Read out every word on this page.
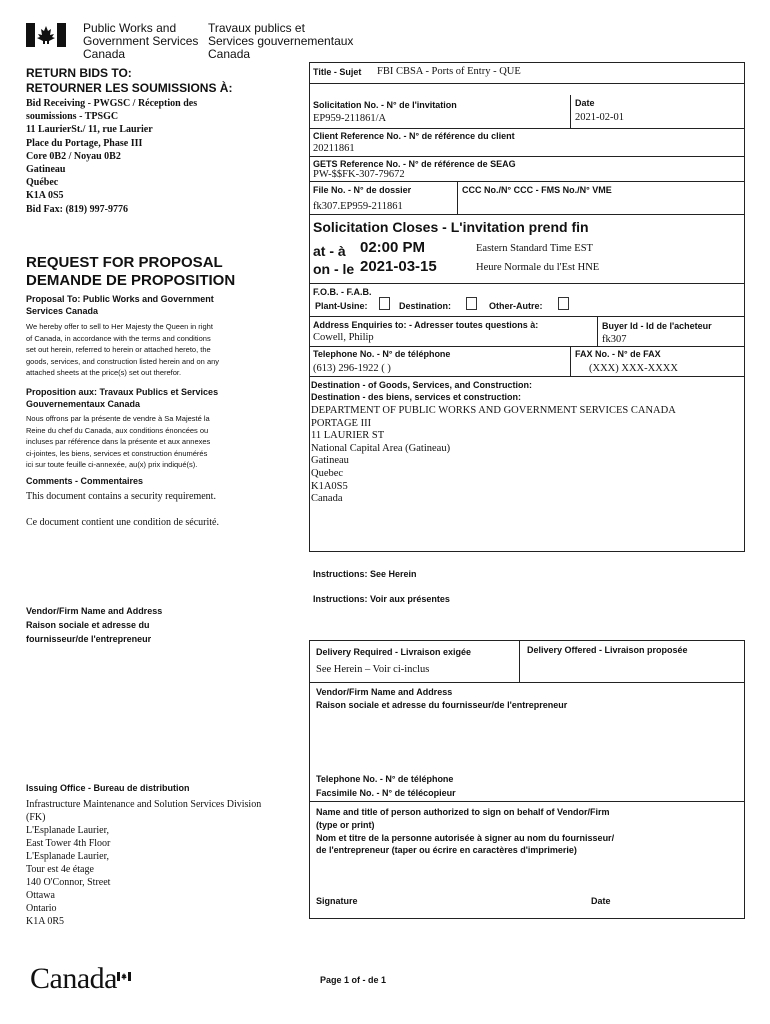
Public Works and
Government Services
Canada
Travaux publics et
Services gouvernementaux
Canada
RETURN BIDS TO:
RETOURNER LES SOUMISSIONS À:
Bid Receiving - PWGSC / Réception des
soumissions - TPSGC
11 LaurierSt./ 11, rue Laurier
Place du Portage, Phase III
Core 0B2 / Noyau 0B2
Gatineau
Québec
K1A 0S5
Bid Fax: (819) 997-9776
REQUEST FOR PROPOSAL
DEMANDE DE PROPOSITION
Proposal To: Public Works and Government
Services Canada
We hereby offer to sell to Her Majesty the Queen in right
of Canada, in accordance with the terms and conditions
set out herein, referred to herein or attached hereto, the
goods, services, and construction listed herein and on any
attached sheets at the price(s) set out therefor.
Proposition aux: Travaux Publics et Services
Gouvernementaux Canada
Nous offrons par la présente de vendre à Sa Majesté la
Reine du chef du Canada, aux conditions énoncées ou
incluses par référence dans la présente et aux annexes
ci-jointes, les biens, services et construction énumérés
ici sur toute feuille ci-annexée, au(x) prix indiqué(s).
Comments - Commentaires
This document contains a security requirement.
Ce document contient une condition de sécurité.
Title - Sujet FBI CBSA - Ports of Entry - QUE
Solicitation No. - N° de l'invitation
EP959-211861/A
Date
2021-02-01
Client Reference No. - N° de référence du client
20211861
GETS Reference No. - N° de référence de SEAG
PW-$$FK-307-79672
File No. - N° de dossier
fk307.EP959-211861
CCC No./N° CCC - FMS No./N° VME
Solicitation Closes - L'invitation prend fin
at - à 02:00 PM
on - le 2021-03-15
Eastern Standard Time EST
Heure Normale du l'Est HNE
F.O.B. - F.A.B.
Plant-Usine:	Destination:	Other-Autre:
Address Enquiries to: - Adresser toutes questions à:
Cowell, Philip
Buyer Id - Id de l'acheteur
fk307
Telephone No. - N° de téléphone
(613) 296-1922 ( )
FAX No. - N° de FAX
(XXX) XXX-XXXX
Destination - of Goods, Services, and Construction:
Destination - des biens, services et construction:
DEPARTMENT OF PUBLIC WORKS AND GOVERNMENT SERVICES CANADA
PORTAGE III
11 LAURIER ST
National Capital Area (Gatineau)
Gatineau
Quebec
K1A0S5
Canada
Instructions: See Herein
Instructions: Voir aux présentes
Vendor/Firm Name and Address
Raison sociale et adresse du
fournisseur/de l'entrepreneur
Issuing Office - Bureau de distribution
Infrastructure Maintenance and Solution Services Division
(FK)
L'Esplanade Laurier,
East Tower 4th Floor
L'Esplanade Laurier,
Tour est 4e étage
140 O'Connor, Street
Ottawa
Ontario
K1A 0R5
Delivery Required - Livraison exigée
See Herein – Voir ci-inclus
Delivery Offered - Livraison proposée
Vendor/Firm Name and Address
Raison sociale et adresse du fournisseur/de l'entrepreneur
Telephone No. - N° de téléphone
Facsimile No. - N° de télécopieur
Name and title of person authorized to sign on behalf of Vendor/Firm
(type or print)
Nom et titre de la personne autorisée à signer au nom du fournisseur/
de l'entrepreneur (taper ou écrire en caractères d'imprimerie)
Signature	Date
Canada	Page 1 of - de 1
